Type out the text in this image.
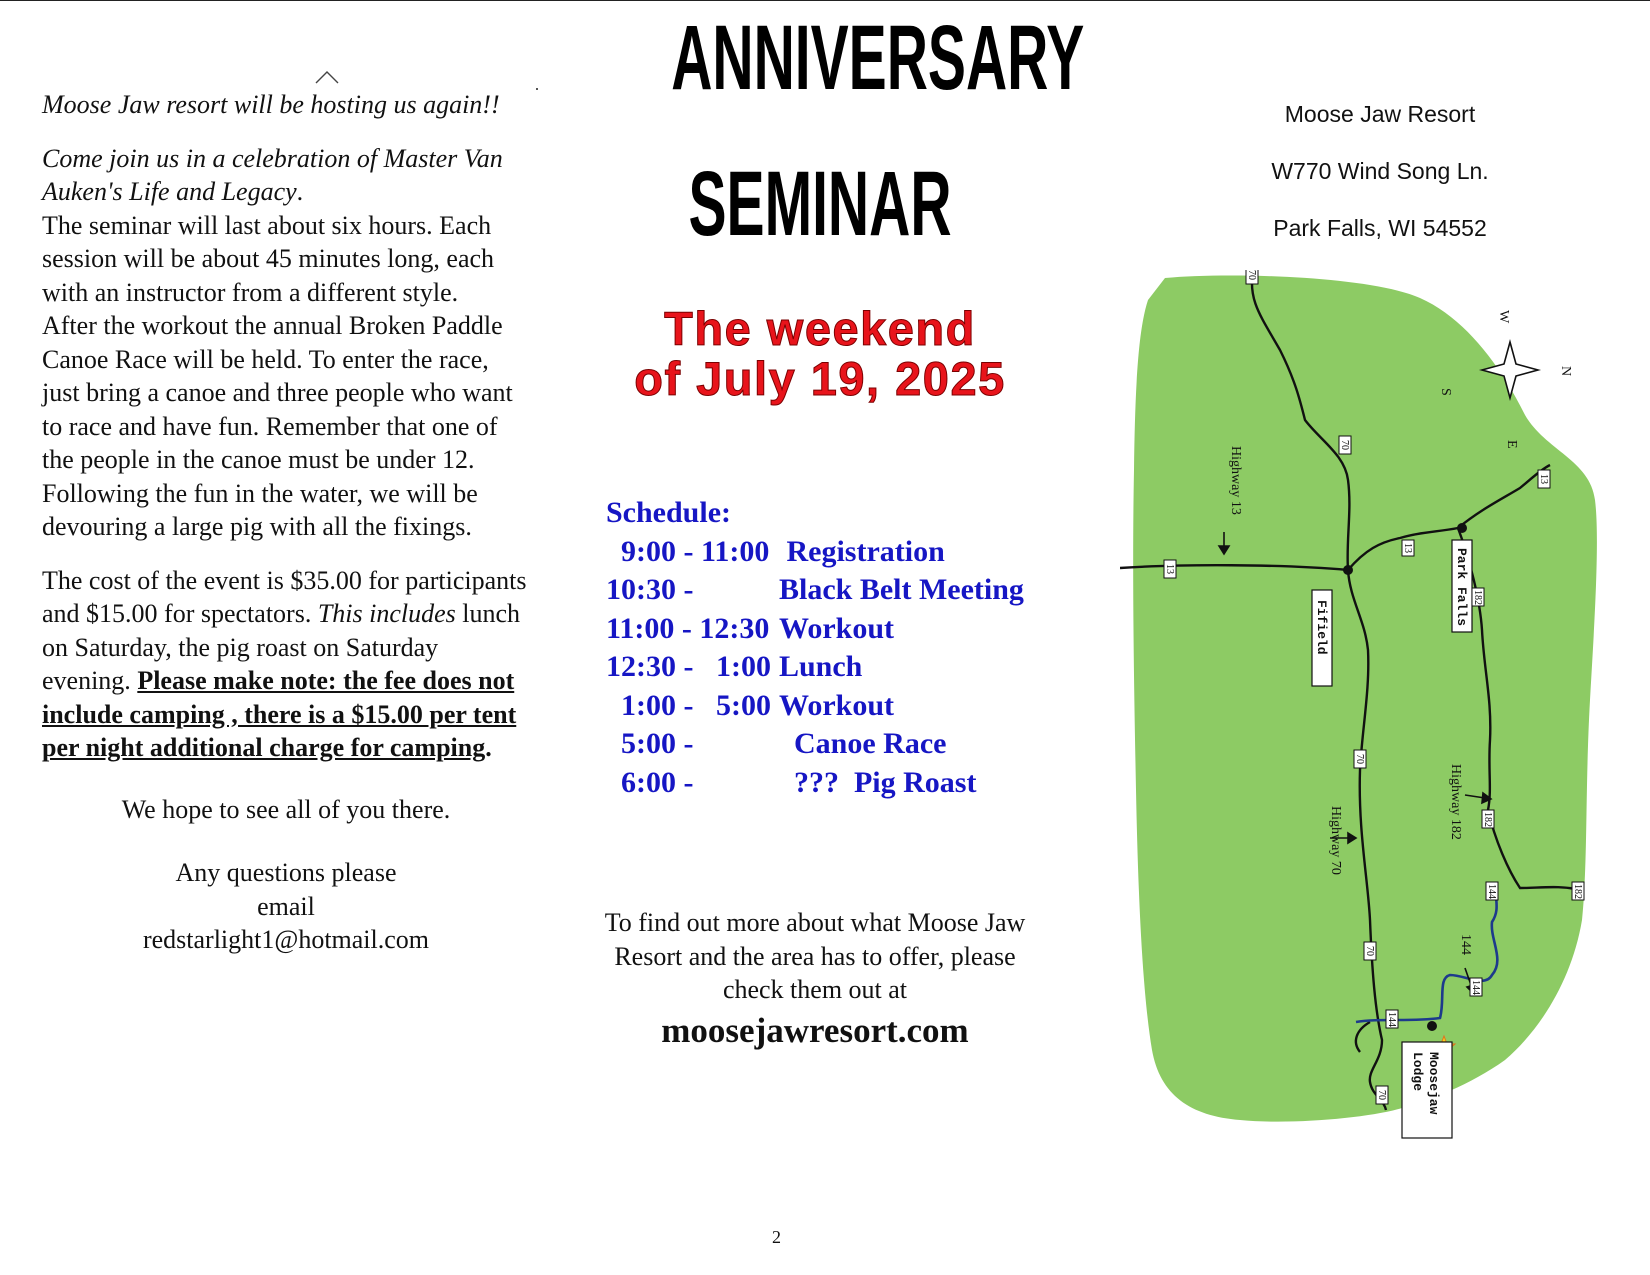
Moose Jaw resort will be hosting us again!!

Come join us in a celebration of Master Van Auken's Life and Legacy.

The seminar will last about six hours. Each session will be about 45 minutes long, each with an instructor from a different style.

After the workout the annual Broken Paddle Canoe Race will be held. To enter the race, just bring a canoe and three people who want to race and have fun. Remember that one of the people in the canoe must be under 12. Following the fun in the water, we will be devouring a large pig with all the fixings.

The cost of the event is $35.00 for participants and $15.00 for spectators. This includes lunch on Saturday, the pig roast on Saturday evening. Please make note: the fee does not include camping , there is a $15.00 per tent per night additional charge for camping.

We hope to see all of you there.

Any questions please

email

redstarlight1@hotmail.com

ANNIVERSARY
SEMINAR
The weekend
of July 19, 2025
Schedule:
9:00 - 11:00 Registration
10:30 -	Black Belt Meeting
11:00 - 12:30 Workout
12:30 -   1:00 Lunch
1:00 -   5:00 Workout
5:00 -	Canoe Race
6:00 -	???  Pig Roast
To find out more about what Moose Jaw Resort and the area has to offer, please check them out at
moosejawresort.com
Moose Jaw Resort
W770 Wind Song Ln.
Park Falls, WI 54552
W
N
S
E
Highway 13
Highway 70
Highway 182
144
Fifield
Park Falls
Moosejaw
Lodge
70
70
13
13
13
182
70
182
144	182
70
144
144
70
2
